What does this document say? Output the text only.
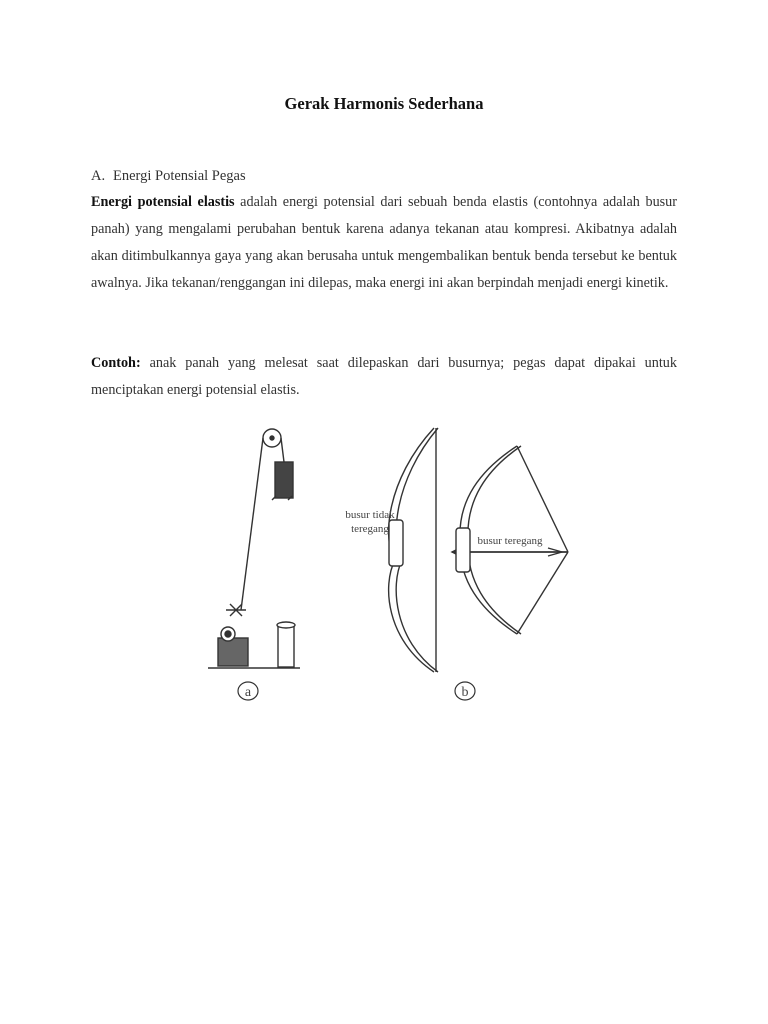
Gerak Harmonis Sederhana
A. Energi Potensial Pegas

Energi potensial elastis adalah energi potensial dari sebuah benda elastis (contohnya adalah busur panah) yang mengalami perubahan bentuk karena adanya tekanan atau kompresi. Akibatnya adalah akan ditimbulkannya gaya yang akan berusaha untuk mengembalikan bentuk benda tersebut ke bentuk awalnya. Jika tekanan/renggangan ini dilepas, maka energi ini akan berpindah menjadi energi kinetik.

Contoh: anak panah yang melesat saat dilepaskan dari busurnya; pegas dapat dipakai untuk menciptakan energi potensial elastis.

busur tidak
teregang
busur teregang
a	b
